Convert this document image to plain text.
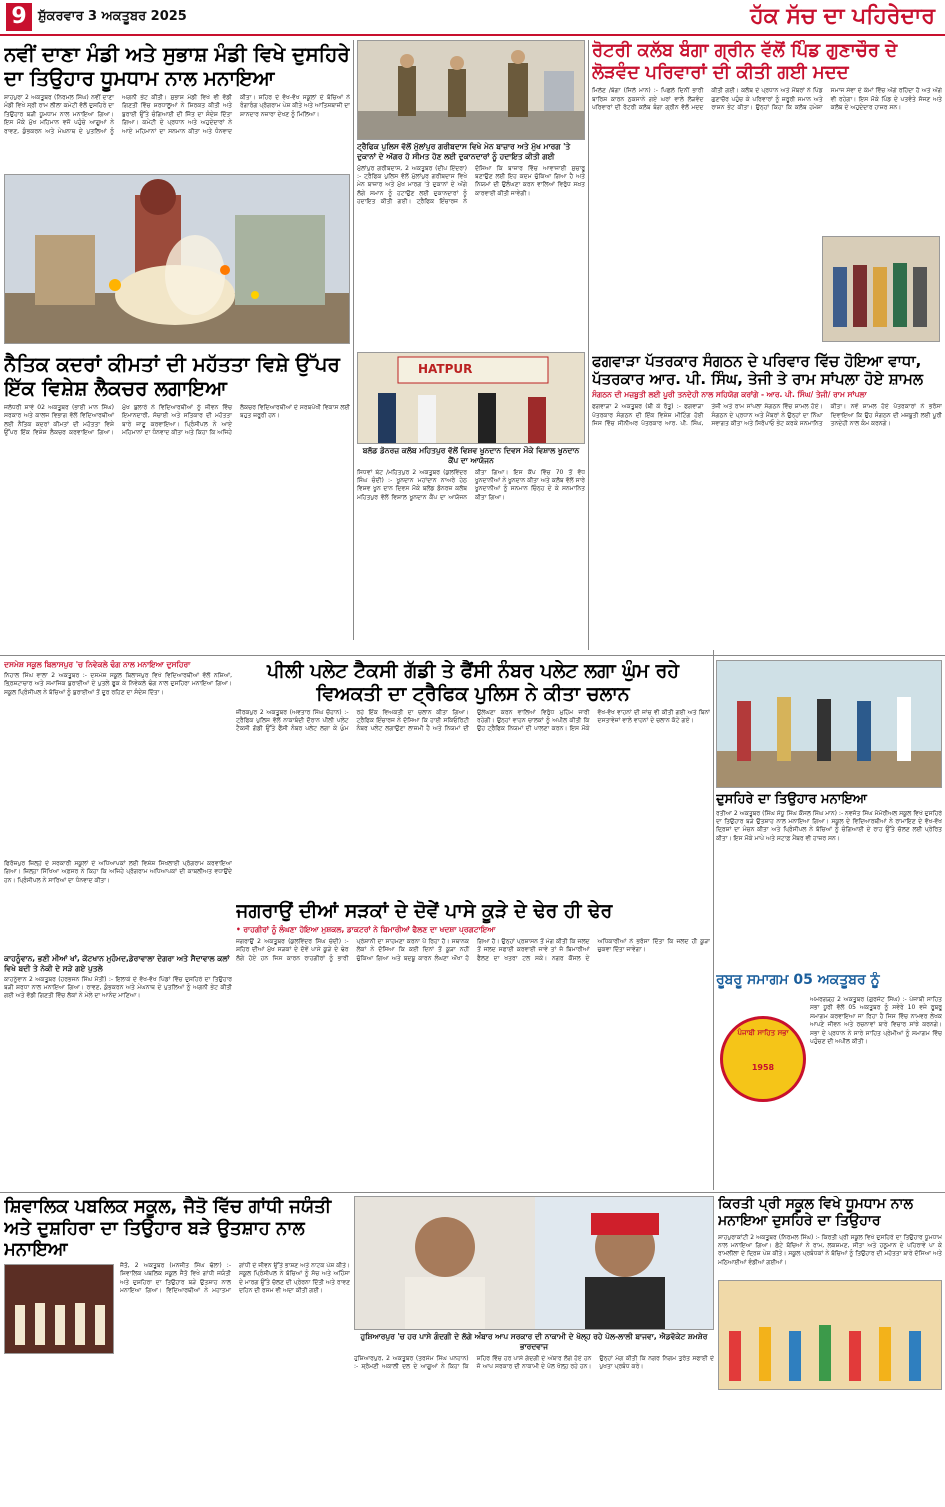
9 ਸ਼ੁੱਕਰਵਾਰ 3 ਅਕਤੂਬਰ 2025	ਹੱਕ ਸੱਚ ਦਾ ਪਹਿਰੇਦਾਰ
ਨਵੀਂ ਦਾਣਾ ਮੰਡੀ ਅਤੇ ਸੁਭਾਸ਼ ਮੰਡੀ ਵਿਖੇ ਦੁਸਹਿਰੇ ਦਾ ਤਿਉਹਾਰ ਧੂਮਧਾਮ ਨਾਲ ਮਨਾਇਆ
ਸ਼ਾਹਪੁਰਾ 2 ਅਕਤੂਬਰ (ਨਿਰਮਲ ਸਿੰਘ) ਨਵੀਂ ਦਾਣਾ ਮੰਡੀ ਵਿਖੇ ਸ੍ਰੀ ਰਾਮ ਲੀਲਾ ਕਮੇਟੀ ਵੱਲੋਂ ਦੁਸਹਿਰੇ ਦਾ ਤਿਉਹਾਰ ਬੜੀ ਧੂਮਧਾਮ ਨਾਲ ਮਨਾਇਆ ਗਿਆ। ਇਸ ਮੌਕੇ ਮੁੱਖ ਮਹਿਮਾਨ ਵਜੋਂ ਪਹੁੰਚੇ ਆਗੂਆਂ ਨੇ ਰਾਵਣ, ਕੁੰਭਕਰਨ ਅਤੇ ਮੇਘਨਾਥ ਦੇ ਪੁਤਲਿਆਂ ਨੂੰ ਅਗਨੀ ਭੇਟ ਕੀਤੀ। ਸੁਭਾਸ਼ ਮੰਡੀ ਵਿਖੇ ਵੀ ਵੱਡੀ ਗਿਣਤੀ ਵਿੱਚ ਸ਼ਰਧਾਲੂਆਂ ਨੇ ਸ਼ਿਰਕਤ ਕੀਤੀ ਅਤੇ ਬੁਰਾਈ ਉੱਤੇ ਚੰਗਿਆਈ ਦੀ ਜਿੱਤ ਦਾ ਸੰਦੇਸ਼ ਦਿੱਤਾ ਗਿਆ। ਕਮੇਟੀ ਦੇ ਪ੍ਰਧਾਨ ਅਤੇ ਅਹੁਦੇਦਾਰਾਂ ਨੇ ਆਏ ਮਹਿਮਾਨਾਂ ਦਾ ਸਨਮਾਨ ਕੀਤਾ ਅਤੇ ਧੰਨਵਾਦ ਕੀਤਾ। ਸ਼ਹਿਰ ਦੇ ਵੱਖ-ਵੱਖ ਸਕੂਲਾਂ ਦੇ ਬੱਚਿਆਂ ਨੇ ਰੰਗਾਰੰਗ ਪ੍ਰੋਗਰਾਮ ਪੇਸ਼ ਕੀਤੇ ਅਤੇ ਆਤਿਸ਼ਬਾਜ਼ੀ ਦਾ ਸ਼ਾਨਦਾਰ ਨਜ਼ਾਰਾ ਦੇਖਣ ਨੂੰ ਮਿਲਿਆ।
ਟ੍ਰੈਫਿਕ ਪੁਲਿਸ ਵੱਲੋਂ ਮੁੱਲਾਂਪੁਰ ਗਰੀਬਦਾਸ ਵਿਖੇ ਮੇਨ ਬਾਜ਼ਾਰ ਅਤੇ ਮੁੱਖ ਮਾਰਗ 'ਤੇ ਦੁਕਾਨਾਂ ਦੇ ਅੱਗਰ ਹੋ ਸੀਮਤ ਹੋਣ ਲਈ ਦੁਕਾਨਦਾਰਾਂ ਨੂੰ ਹਦਾਇਤ ਕੀਤੀ ਗਈ
ਮੁੱਲਾਂਪੁਰ ਗਰੀਬਦਾਸ, 2 ਅਕਤੂਬਰ (ਦੀਪ ਇੰਦਰਾ) :- ਟ੍ਰੈਫਿਕ ਪੁਲਿਸ ਵੱਲੋਂ ਮੁੱਲਾਂਪੁਰ ਗਰੀਬਦਾਸ ਵਿਖੇ ਮੇਨ ਬਾਜ਼ਾਰ ਅਤੇ ਮੁੱਖ ਮਾਰਗ 'ਤੇ ਦੁਕਾਨਾਂ ਦੇ ਅੱਗੇ ਲੱਗੇ ਸਮਾਨ ਨੂੰ ਹਟਾਉਣ ਲਈ ਦੁਕਾਨਦਾਰਾਂ ਨੂੰ ਹਦਾਇਤ ਕੀਤੀ ਗਈ। ਟ੍ਰੈਫਿਕ ਇੰਚਾਰਜ ਨੇ ਦੱਸਿਆ ਕਿ ਬਾਜ਼ਾਰ ਵਿੱਚ ਆਵਾਜਾਈ ਸੁਚਾਰੂ ਬਣਾਉਣ ਲਈ ਇਹ ਕਦਮ ਚੁੱਕਿਆ ਗਿਆ ਹੈ ਅਤੇ ਨਿਯਮਾਂ ਦੀ ਉਲੰਘਣਾ ਕਰਨ ਵਾਲਿਆਂ ਵਿਰੁੱਧ ਸਖ਼ਤ ਕਾਰਵਾਈ ਕੀਤੀ ਜਾਵੇਗੀ।
ਰੋਟਰੀ ਕਲੱਬ ਬੰਗਾ ਗ੍ਰੀਨ ਵੱਲੋਂ ਪਿੰਡ ਗੁਣਾਚੌਰ ਦੇ ਲੋੜਵੰਦ ਪਰਿਵਾਰਾਂ ਦੀ ਕੀਤੀ ਗਈ ਮਦਦ
ਮਿਲੇਣ /ਬੰਗਾ (ਜਿਲੇ ਮਾਨ) :- ਪਿਛਲੇ ਦਿਨੀਂ ਭਾਰੀ ਬਾਰਿਸ਼ ਕਾਰਨ ਨੁਕਸਾਨੇ ਗਏ ਘਰਾਂ ਵਾਲੇ ਲੋੜਵੰਦ ਪਰਿਵਾਰਾਂ ਦੀ ਰੋਟਰੀ ਕਲੱਬ ਬੰਗਾ ਗ੍ਰੀਨ ਵੱਲੋਂ ਮਦਦ ਕੀਤੀ ਗਈ। ਕਲੱਬ ਦੇ ਪ੍ਰਧਾਨ ਅਤੇ ਮੈਂਬਰਾਂ ਨੇ ਪਿੰਡ ਗੁਣਾਚੌਰ ਪਹੁੰਚ ਕੇ ਪਰਿਵਾਰਾਂ ਨੂੰ ਜ਼ਰੂਰੀ ਸਮਾਨ ਅਤੇ ਰਾਸ਼ਨ ਭੇਟ ਕੀਤਾ। ਉਨ੍ਹਾਂ ਕਿਹਾ ਕਿ ਕਲੱਬ ਹਮੇਸ਼ਾ ਸਮਾਜ ਸੇਵਾ ਦੇ ਕੰਮਾਂ ਵਿੱਚ ਅੱਗੇ ਰਹਿੰਦਾ ਹੈ ਅਤੇ ਅੱਗੇ ਵੀ ਰਹੇਗਾ। ਇਸ ਮੌਕੇ ਪਿੰਡ ਦੇ ਪਤਵੰਤੇ ਸੱਜਣ ਅਤੇ ਕਲੱਬ ਦੇ ਅਹੁਦੇਦਾਰ ਹਾਜ਼ਰ ਸਨ।
ਨੈਤਿਕ ਕਦਰਾਂ ਕੀਮਤਾਂ ਦੀ ਮਹੱਤਤਾ ਵਿਸ਼ੇ ਉੱਪਰ ਇੱਕ ਵਿਸ਼ੇਸ਼ ਲੈਕਚਰ ਲਗਾਇਆ
ਜਲੰਧਰੀ ਸ਼ਾਵੇ 02 ਅਕਤੂਬਰ (ਭਾਈ ਮਾਨ ਸਿੰਘ) ਸਰਕਾਰ ਅਤੇ ਕਾਲਜ ਵਿਭਾਗ ਵੱਲੋਂ ਵਿਦਿਆਰਥੀਆਂ ਲਈ ਨੈਤਿਕ ਕਦਰਾਂ ਕੀਮਤਾਂ ਦੀ ਮਹੱਤਤਾ ਵਿਸ਼ੇ ਉੱਪਰ ਇੱਕ ਵਿਸ਼ੇਸ਼ ਲੈਕਚਰ ਕਰਵਾਇਆ ਗਿਆ। ਮੁੱਖ ਬੁਲਾਰੇ ਨੇ ਵਿਦਿਆਰਥੀਆਂ ਨੂੰ ਜੀਵਨ ਵਿੱਚ ਇਮਾਨਦਾਰੀ, ਸੱਚਾਈ ਅਤੇ ਸਤਿਕਾਰ ਦੀ ਮਹੱਤਤਾ ਬਾਰੇ ਜਾਣੂ ਕਰਵਾਇਆ। ਪ੍ਰਿੰਸੀਪਲ ਨੇ ਆਏ ਮਹਿਮਾਨਾਂ ਦਾ ਧੰਨਵਾਦ ਕੀਤਾ ਅਤੇ ਕਿਹਾ ਕਿ ਅਜਿਹੇ ਲੈਕਚਰ ਵਿਦਿਆਰਥੀਆਂ ਦੇ ਸਰਬਪੱਖੀ ਵਿਕਾਸ ਲਈ ਬਹੁਤ ਜ਼ਰੂਰੀ ਹਨ।
HATPUR
ਬਲੱਡ ਡੋਨਰਜ਼ ਕਲੱਬ ਮਹਿਤਪੁਰ ਵੱਲੋਂ ਵਿਸ਼ਵ ਖੂਨਦਾਨ ਦਿਵਸ ਮੌਕੇ ਵਿਸ਼ਾਲ ਖੂਨਦਾਨ ਕੈਂਪ ਦਾ ਆਯੋਜਨ
ਸਿਧਵਾਂ ਬੇਟ /ਮਹਿਤਪੁਰ 2 ਅਕਤੂਬਰ (ਕੁਲਵਿੰਦਰ ਸਿੰਘ ਚੰਦੀ) :- ਖੂਨਦਾਨ ਮਹਾਂਦਾਨ ਨਾਅਰੇ ਹੇਠ ਵਿਸ਼ਵ ਖੂਨ ਦਾਨ ਦਿਵਸ ਮੌਕੇ ਬਲੱਡ ਡੋਨਰਜ਼ ਕਲੱਬ ਮਹਿਤਪੁਰ ਵੱਲੋਂ ਵਿਸ਼ਾਲ ਖੂਨਦਾਨ ਕੈਂਪ ਦਾ ਆਯੋਜਨ ਕੀਤਾ ਗਿਆ। ਇਸ ਕੈਂਪ ਵਿੱਚ 70 ਤੋਂ ਵੱਧ ਖੂਨਦਾਨੀਆਂ ਨੇ ਖੂਨਦਾਨ ਕੀਤਾ ਅਤੇ ਕਲੱਬ ਵੱਲੋਂ ਸਾਰੇ ਖੂਨਦਾਨੀਆਂ ਨੂੰ ਸਨਮਾਨ ਚਿੰਨ੍ਹ ਦੇ ਕੇ ਸਨਮਾਨਿਤ ਕੀਤਾ ਗਿਆ।
ਫਗਵਾੜਾ ਪੱਤਰਕਾਰ ਸੰਗਠਨ ਦੇ ਪਰਿਵਾਰ ਵਿੱਚ ਹੋਇਆ ਵਾਧਾ, ਪੱਤਰਕਾਰ ਆਰ. ਪੀ. ਸਿੰਘ, ਤੇਜੀ ਤੇ ਰਾਮ ਸਾਂਪਲਾ ਹੋਏ ਸ਼ਾਮਲ
ਸੰਗਠਨ ਦੀ ਮਜ਼ਬੂਤੀ ਲਈ ਪੂਰੀ ਤਨਦੇਹੀ ਨਾਲ ਸਹਿਯੋਗ ਕਰਾਂਗੇ - ਆਰ. ਪੀ. ਸਿੰਘ/ ਤੇਜੀ/ ਰਾਮ ਸਾਂਪਲਾ
ਫਗਵਾੜਾ 2 ਅਕਤੂਬਰ (ਬੀ ਕੇ ਰੱਤੂ) :- ਫਗਵਾੜਾ ਪੱਤਰਕਾਰ ਸੰਗਠਨ ਦੀ ਇੱਕ ਵਿਸ਼ੇਸ਼ ਮੀਟਿੰਗ ਹੋਈ ਜਿਸ ਵਿੱਚ ਸੀਨੀਅਰ ਪੱਤਰਕਾਰ ਆਰ. ਪੀ. ਸਿੰਘ, ਤੇਜੀ ਅਤੇ ਰਾਮ ਸਾਂਪਲਾ ਸੰਗਠਨ ਵਿੱਚ ਸ਼ਾਮਲ ਹੋਏ। ਸੰਗਠਨ ਦੇ ਪ੍ਰਧਾਨ ਅਤੇ ਮੈਂਬਰਾਂ ਨੇ ਉਨ੍ਹਾਂ ਦਾ ਨਿੱਘਾ ਸਵਾਗਤ ਕੀਤਾ ਅਤੇ ਸਿਰੋਪਾਓ ਭੇਟ ਕਰਕੇ ਸਨਮਾਨਿਤ ਕੀਤਾ। ਨਵੇਂ ਸ਼ਾਮਲ ਹੋਏ ਪੱਤਰਕਾਰਾਂ ਨੇ ਭਰੋਸਾ ਦਿਵਾਇਆ ਕਿ ਉਹ ਸੰਗਠਨ ਦੀ ਮਜ਼ਬੂਤੀ ਲਈ ਪੂਰੀ ਤਨਦੇਹੀ ਨਾਲ ਕੰਮ ਕਰਨਗੇ।
ਦਸਮੇਸ਼ ਸਕੂਲ ਬਿਲਾਸਪੁਰ 'ਚ ਨਿਵੇਕਲੇ ਢੰਗ ਨਾਲ ਮਨਾਇਆ ਦੁਸਹਿਰਾ
ਨਿਹਾਲ ਸਿੰਘ ਵਾਲਾ 2 ਅਕਤੂਬਰ :- ਦਸਮੇਸ਼ ਸਕੂਲ ਬਿਲਾਸਪੁਰ ਵਿਖੇ ਵਿਦਿਆਰਥੀਆਂ ਵੱਲੋਂ ਨਸ਼ਿਆਂ, ਭ੍ਰਿਸ਼ਟਾਚਾਰ ਅਤੇ ਸਮਾਜਿਕ ਬੁਰਾਈਆਂ ਦੇ ਪੁਤਲੇ ਫੂਕ ਕੇ ਨਿਵੇਕਲੇ ਢੰਗ ਨਾਲ ਦੁਸਹਿਰਾ ਮਨਾਇਆ ਗਿਆ। ਸਕੂਲ ਪ੍ਰਿੰਸੀਪਲ ਨੇ ਬੱਚਿਆਂ ਨੂੰ ਬੁਰਾਈਆਂ ਤੋਂ ਦੂਰ ਰਹਿਣ ਦਾ ਸੰਦੇਸ਼ ਦਿੱਤਾ।
ਪੀਲੀ ਪਲੇਟ ਟੈਕਸੀ ਗੱਡੀ ਤੇ ਫੈਂਸੀ ਨੰਬਰ ਪਲੇਟ ਲਗਾ ਘੁੰਮ ਰਹੇ ਵਿਅਕਤੀ ਦਾ ਟ੍ਰੈਫਿਕ ਪੁਲਿਸ ਨੇ ਕੀਤਾ ਚਲਾਨ
ਜ਼ੀਰਕਪੁਰ 2 ਅਕਤੂਬਰ (ਅਵਤਾਰ ਸਿੰਘ ਚੌਹਾਨ) :- ਟ੍ਰੈਫਿਕ ਪੁਲਿਸ ਵੱਲੋਂ ਨਾਕਾਬੰਦੀ ਦੌਰਾਨ ਪੀਲੀ ਪਲੇਟ ਟੈਕਸੀ ਗੱਡੀ ਉੱਤੇ ਫੈਂਸੀ ਨੰਬਰ ਪਲੇਟ ਲਗਾ ਕੇ ਘੁੰਮ ਰਹੇ ਇੱਕ ਵਿਅਕਤੀ ਦਾ ਚਲਾਨ ਕੀਤਾ ਗਿਆ। ਟ੍ਰੈਫਿਕ ਇੰਚਾਰਜ ਨੇ ਦੱਸਿਆ ਕਿ ਹਾਈ ਸਕਿਓਰਿਟੀ ਨੰਬਰ ਪਲੇਟ ਲਗਾਉਣਾ ਲਾਜ਼ਮੀ ਹੈ ਅਤੇ ਨਿਯਮਾਂ ਦੀ ਉਲੰਘਣਾ ਕਰਨ ਵਾਲਿਆਂ ਵਿਰੁੱਧ ਮੁਹਿੰਮ ਜਾਰੀ ਰਹੇਗੀ। ਉਨ੍ਹਾਂ ਵਾਹਨ ਚਾਲਕਾਂ ਨੂੰ ਅਪੀਲ ਕੀਤੀ ਕਿ ਉਹ ਟ੍ਰੈਫਿਕ ਨਿਯਮਾਂ ਦੀ ਪਾਲਣਾ ਕਰਨ। ਇਸ ਮੌਕੇ ਵੱਖ-ਵੱਖ ਵਾਹਨਾਂ ਦੀ ਜਾਂਚ ਵੀ ਕੀਤੀ ਗਈ ਅਤੇ ਬਿਨਾਂ ਦਸਤਾਵੇਜ਼ਾਂ ਵਾਲੇ ਵਾਹਨਾਂ ਦੇ ਚਲਾਨ ਕੱਟੇ ਗਏ।
ਫਿਰੋਜ਼ਪੁਰ ਜ਼ਿਲ੍ਹੇ ਦੇ ਸਰਕਾਰੀ ਸਕੂਲਾਂ ਦੇ ਅਧਿਆਪਕਾਂ ਲਈ ਵਿਸ਼ੇਸ਼ ਸਿਖਲਾਈ ਪ੍ਰੋਗਰਾਮ ਕਰਵਾਇਆ ਗਿਆ। ਜ਼ਿਲ੍ਹਾ ਸਿੱਖਿਆ ਅਫ਼ਸਰ ਨੇ ਕਿਹਾ ਕਿ ਅਜਿਹੇ ਪ੍ਰੋਗਰਾਮ ਅਧਿਆਪਕਾਂ ਦੀ ਕਾਬਲੀਅਤ ਵਧਾਉਂਦੇ ਹਨ। ਪ੍ਰਿੰਸੀਪਲ ਨੇ ਸਾਰਿਆਂ ਦਾ ਧੰਨਵਾਦ ਕੀਤਾ।
ਕਾਹਨੂੰਵਾਨ, ਭਣੀ ਮੀਆਂ ਖਾਂ, ਕੋਟਖਾਨ ਮੁਹੰਮਦ,ਡੇਰਾਵਾਲਾ ਦੇਗਰਾ ਅਤੇ ਸੈਦਾਵਾਲ ਕਲਾਂ ਵਿਖੇ ਬਦੀ ਤੇ ਨੇਕੀ ਦੇ ਸੜੇ ਗਏ ਪੁਤਲੇ
ਕਾਹਨੂੰਵਾਨ 2 ਅਕਤੂਬਰ (ਹਰਭਜਨ ਸਿੰਘ ਮੈਤੀਂ) :- ਇਲਾਕੇ ਦੇ ਵੱਖ-ਵੱਖ ਪਿੰਡਾਂ ਵਿੱਚ ਦੁਸਹਿਰੇ ਦਾ ਤਿਉਹਾਰ ਬੜੀ ਸ਼ਰਧਾ ਨਾਲ ਮਨਾਇਆ ਗਿਆ। ਰਾਵਣ, ਕੁੰਭਕਰਨ ਅਤੇ ਮੇਘਨਾਥ ਦੇ ਪੁਤਲਿਆਂ ਨੂੰ ਅਗਨੀ ਭੇਟ ਕੀਤੀ ਗਈ ਅਤੇ ਵੱਡੀ ਗਿਣਤੀ ਵਿੱਚ ਲੋਕਾਂ ਨੇ ਮੇਲੇ ਦਾ ਆਨੰਦ ਮਾਣਿਆ।
ਜਗਰਾਉਂ ਦੀਆਂ ਸੜਕਾਂ ਦੇ ਦੋਵੇਂ ਪਾਸੇ ਕੂੜੇ ਦੇ ਢੇਰ ਹੀ ਢੇਰ
• ਰਾਹਗੀਰਾਂ ਨੂੰ ਲੰਘਣਾ ਹੋਇਆ ਮੁਸ਼ਕਲ, ਡਾਕਟਰਾਂ ਨੇ ਬਿਮਾਰੀਆਂ ਫੈਲਣ ਦਾ ਖਦਸ਼ਾ ਪ੍ਰਗਟਾਇਆ
ਜਗਰਾਉਂ 2 ਅਕਤੂਬਰ (ਕੁਲਵਿੰਦਰ ਸਿੰਘ ਚੰਦੀ) :- ਸ਼ਹਿਰ ਦੀਆਂ ਮੁੱਖ ਸੜਕਾਂ ਦੇ ਦੋਵੇਂ ਪਾਸੇ ਕੂੜੇ ਦੇ ਢੇਰ ਲੱਗੇ ਹੋਏ ਹਨ ਜਿਸ ਕਾਰਨ ਰਾਹਗੀਰਾਂ ਨੂੰ ਭਾਰੀ ਪ੍ਰੇਸ਼ਾਨੀ ਦਾ ਸਾਹਮਣਾ ਕਰਨਾ ਪੈ ਰਿਹਾ ਹੈ। ਸਥਾਨਕ ਲੋਕਾਂ ਨੇ ਦੱਸਿਆ ਕਿ ਕਈ ਦਿਨਾਂ ਤੋਂ ਕੂੜਾ ਨਹੀਂ ਚੁੱਕਿਆ ਗਿਆ ਅਤੇ ਬਦਬੂ ਕਾਰਨ ਲੰਘਣਾ ਔਖਾ ਹੋ ਗਿਆ ਹੈ। ਉਨ੍ਹਾਂ ਪ੍ਰਸ਼ਾਸਨ ਤੋਂ ਮੰਗ ਕੀਤੀ ਕਿ ਜਲਦ ਤੋਂ ਜਲਦ ਸਫਾਈ ਕਰਵਾਈ ਜਾਵੇ ਤਾਂ ਜੋ ਬਿਮਾਰੀਆਂ ਫੈਲਣ ਦਾ ਖਤਰਾ ਟਲ ਸਕੇ। ਨਗਰ ਕੌਂਸਲ ਦੇ ਅਧਿਕਾਰੀਆਂ ਨੇ ਭਰੋਸਾ ਦਿੱਤਾ ਕਿ ਜਲਦ ਹੀ ਕੂੜਾ ਚੁਕਵਾ ਦਿੱਤਾ ਜਾਵੇਗਾ।
ਦੁਸਹਿਰੇ ਦਾ ਤਿਉਹਾਰ ਮਨਾਇਆ
ਰਤੀਆ 2 ਅਕਤੂਬਰ (ਸਿੰਘ ਸੰਧੂ ਸਿੰਘ ਕੌਂਸਲ ਸਿੰਘ ਮਾਨ) :- ਨਵਜੋਤ ਸਿੰਘ ਮੈਮੋਰੀਅਲ ਸਕੂਲ ਵਿਖੇ ਦੁਸਹਿਰੇ ਦਾ ਤਿਉਹਾਰ ਬੜੇ ਉਤਸ਼ਾਹ ਨਾਲ ਮਨਾਇਆ ਗਿਆ। ਸਕੂਲ ਦੇ ਵਿਦਿਆਰਥੀਆਂ ਨੇ ਰਾਮਾਇਣ ਦੇ ਵੱਖ-ਵੱਖ ਦ੍ਰਿਸ਼ਾਂ ਦਾ ਮੰਚਨ ਕੀਤਾ ਅਤੇ ਪ੍ਰਿੰਸੀਪਲ ਨੇ ਬੱਚਿਆਂ ਨੂੰ ਚੰਗਿਆਈ ਦੇ ਰਾਹ ਉੱਤੇ ਚੱਲਣ ਲਈ ਪ੍ਰੇਰਿਤ ਕੀਤਾ। ਇਸ ਮੌਕੇ ਮਾਪੇ ਅਤੇ ਸਟਾਫ਼ ਮੈਂਬਰ ਵੀ ਹਾਜ਼ਰ ਸਨ।
ਰੂਬਰੂ ਸਮਾਗਮ 05 ਅਕਤੂਬਰ ਨੂੰ
ਪੰਜਾਬੀ ਸਾਹਿਤ ਸਭਾ
1958
ਅਮਰਗੜ੍ਹ 2 ਅਕਤੂਬਰ (ਗੁਰਜੰਟ ਸਿੰਘ) :- ਪੰਜਾਬੀ ਸਾਹਿਤ ਸਭਾ ਧੂਰੀ ਵੱਲੋਂ 05 ਅਕਤੂਬਰ ਨੂੰ ਸਵੇਰੇ 10 ਵਜੇ ਰੂਬਰੂ ਸਮਾਗਮ ਕਰਵਾਇਆ ਜਾ ਰਿਹਾ ਹੈ ਜਿਸ ਵਿੱਚ ਨਾਮਵਰ ਲੇਖਕ ਆਪਣੇ ਜੀਵਨ ਅਤੇ ਰਚਨਾਵਾਂ ਬਾਰੇ ਵਿਚਾਰ ਸਾਂਝੇ ਕਰਨਗੇ। ਸਭਾ ਦੇ ਪ੍ਰਧਾਨ ਨੇ ਸਾਰੇ ਸਾਹਿਤ ਪ੍ਰੇਮੀਆਂ ਨੂੰ ਸਮਾਗਮ ਵਿੱਚ ਪਹੁੰਚਣ ਦੀ ਅਪੀਲ ਕੀਤੀ।
ਸ਼ਿਵਾਲਿਕ ਪਬਲਿਕ ਸਕੂਲ, ਜੈਤੋ ਵਿੱਚ ਗਾਂਧੀ ਜਯੰਤੀ ਅਤੇ ਦੁਸ਼ਹਿਰਾ ਦਾ ਤਿਉਹਾਰ ਬੜੇ ਉਤਸ਼ਾਹ ਨਾਲ ਮਨਾਇਆ
ਜੈਤੋ, 2 ਅਕਤੂਬਰ (ਮਨਜੀਤ ਸਿੰਘ ਢੱਲਾ) :- ਸ਼ਿਵਾਲਿਕ ਪਬਲਿਕ ਸਕੂਲ ਜੈਤੋ ਵਿਖੇ ਗਾਂਧੀ ਜਯੰਤੀ ਅਤੇ ਦੁਸ਼ਹਿਰਾ ਦਾ ਤਿਉਹਾਰ ਬੜੇ ਉਤਸ਼ਾਹ ਨਾਲ ਮਨਾਇਆ ਗਿਆ। ਵਿਦਿਆਰਥੀਆਂ ਨੇ ਮਹਾਤਮਾ ਗਾਂਧੀ ਦੇ ਜੀਵਨ ਉੱਤੇ ਭਾਸ਼ਣ ਅਤੇ ਨਾਟਕ ਪੇਸ਼ ਕੀਤੇ। ਸਕੂਲ ਪ੍ਰਿੰਸੀਪਲ ਨੇ ਬੱਚਿਆਂ ਨੂੰ ਸੱਚ ਅਤੇ ਅਹਿੰਸਾ ਦੇ ਮਾਰਗ ਉੱਤੇ ਚੱਲਣ ਦੀ ਪ੍ਰੇਰਨਾ ਦਿੱਤੀ ਅਤੇ ਰਾਵਣ ਦਹਿਨ ਦੀ ਰਸਮ ਵੀ ਅਦਾ ਕੀਤੀ ਗਈ।
ਹੁਸ਼ਿਆਰਪੁਰ 'ਚ ਹਰ ਪਾਸੇ ਗੰਦਗੀ ਦੇ ਲੱਗੇ ਅੰਬਾਰ ਆਪ ਸਰਕਾਰ ਦੀ ਨਾਕਾਮੀ ਦੇ ਖੋਲ੍ਹ ਰਹੇ ਪੋਲ-ਲਾਲੀ ਬਾਜਵਾ, ਐਡਵੋਕੇਟ ਸ਼ਮਸ਼ੇਰ ਭਾਰਦਵਾਜ
ਹੁਸ਼ਿਆਰਪੁਰ, 2 ਅਕਤੂਬਰ (ਤਰਸੇਮ ਸਿੰਘ ਪਨਹਾਨ) :- ਸ਼੍ਰੋਮਣੀ ਅਕਾਲੀ ਦਲ ਦੇ ਆਗੂਆਂ ਨੇ ਕਿਹਾ ਕਿ ਸ਼ਹਿਰ ਵਿੱਚ ਹਰ ਪਾਸੇ ਗੰਦਗੀ ਦੇ ਅੰਬਾਰ ਲੱਗੇ ਹੋਏ ਹਨ ਜੋ ਆਪ ਸਰਕਾਰ ਦੀ ਨਾਕਾਮੀ ਦੇ ਪੋਲ ਖੋਲ੍ਹ ਰਹੇ ਹਨ। ਉਨ੍ਹਾਂ ਮੰਗ ਕੀਤੀ ਕਿ ਨਗਰ ਨਿਗਮ ਤੁਰੰਤ ਸਫਾਈ ਦੇ ਪੁਖਤਾ ਪ੍ਰਬੰਧ ਕਰੇ।
ਕਿਰਤੀ ਪ੍ਰੀ ਸਕੂਲ ਵਿਖੇ ਧੂਮਧਾਮ ਨਾਲ ਮਨਾਇਆ ਦੁਸਹਿਰੇ ਦਾ ਤਿਉਹਾਰ
ਸ਼ਾਹਪੁਰਾਕਾਂਟੀ 2 ਅਕਤੂਬਰ (ਨਿਰਮਲ ਸਿੰਘ) :- ਕਿਰਤੀ ਪ੍ਰੀ ਸਕੂਲ ਵਿਖੇ ਦੁਸਹਿਰੇ ਦਾ ਤਿਉਹਾਰ ਧੂਮਧਾਮ ਨਾਲ ਮਨਾਇਆ ਗਿਆ। ਛੋਟੇ ਬੱਚਿਆਂ ਨੇ ਰਾਮ, ਲਕਸ਼ਮਣ, ਸੀਤਾ ਅਤੇ ਹਨੂਮਾਨ ਦੇ ਪਹਿਰਾਵੇ ਪਾ ਕੇ ਰਾਮਲੀਲਾ ਦੇ ਦ੍ਰਿਸ਼ ਪੇਸ਼ ਕੀਤੇ। ਸਕੂਲ ਪ੍ਰਬੰਧਕਾਂ ਨੇ ਬੱਚਿਆਂ ਨੂੰ ਤਿਉਹਾਰ ਦੀ ਮਹੱਤਤਾ ਬਾਰੇ ਦੱਸਿਆ ਅਤੇ ਮਠਿਆਈਆਂ ਵੰਡੀਆਂ ਗਈਆਂ।
